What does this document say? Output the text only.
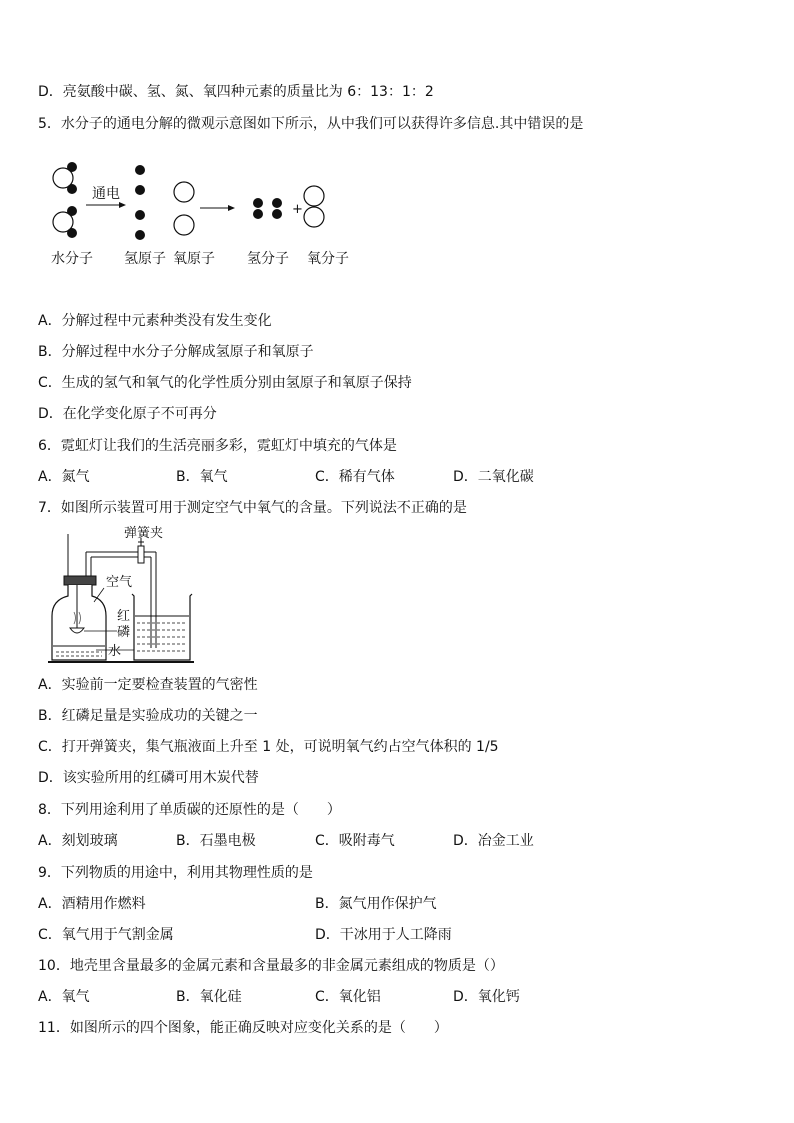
D．亮氨酸中碳、氢、氮、氧四种元素的质量比为 6：13：1：2
5．水分子的通电分解的微观示意图如下所示，从中我们可以获得许多信息.其中错误的是
通电
+
水分子 氢原子 氧原子 氢分子 氧分子
A．分解过程中元素种类没有发生变化
B．分解过程中水分子分解成氢原子和氧原子
C．生成的氢气和氧气的化学性质分别由氢原子和氧原子保持
D．在化学变化原子不可再分
6．霓虹灯让我们的生活亮丽多彩，霓虹灯中填充的气体是
A．氮气	B．氧气	C．稀有气体	D．二氧化碳
7．如图所示装置可用于测定空气中氧气的含量。下列说法不正确的是
弹簧夹
空气
红
磷
水
A．实验前一定要检查装置的气密性
B．红磷足量是实验成功的关键之一
C．打开弹簧夹，集气瓶液面上升至 1 处，可说明氧气约占空气体积的 1/5
D．该实验所用的红磷可用木炭代替
8．下列用途利用了单质碳的还原性的是（　　）
A．刻划玻璃	B．石墨电极	C．吸附毒气	D．冶金工业
9．下列物质的用途中，利用其物理性质的是
A．酒精用作燃料	B．氮气用作保护气
C．氧气用于气割金属	D．干冰用于人工降雨
10．地壳里含量最多的金属元素和含量最多的非金属元素组成的物质是（）
A．氧气	B．氧化硅	C．氧化铝	D．氧化钙
11．如图所示的四个图象，能正确反映对应变化关系的是（　　）
